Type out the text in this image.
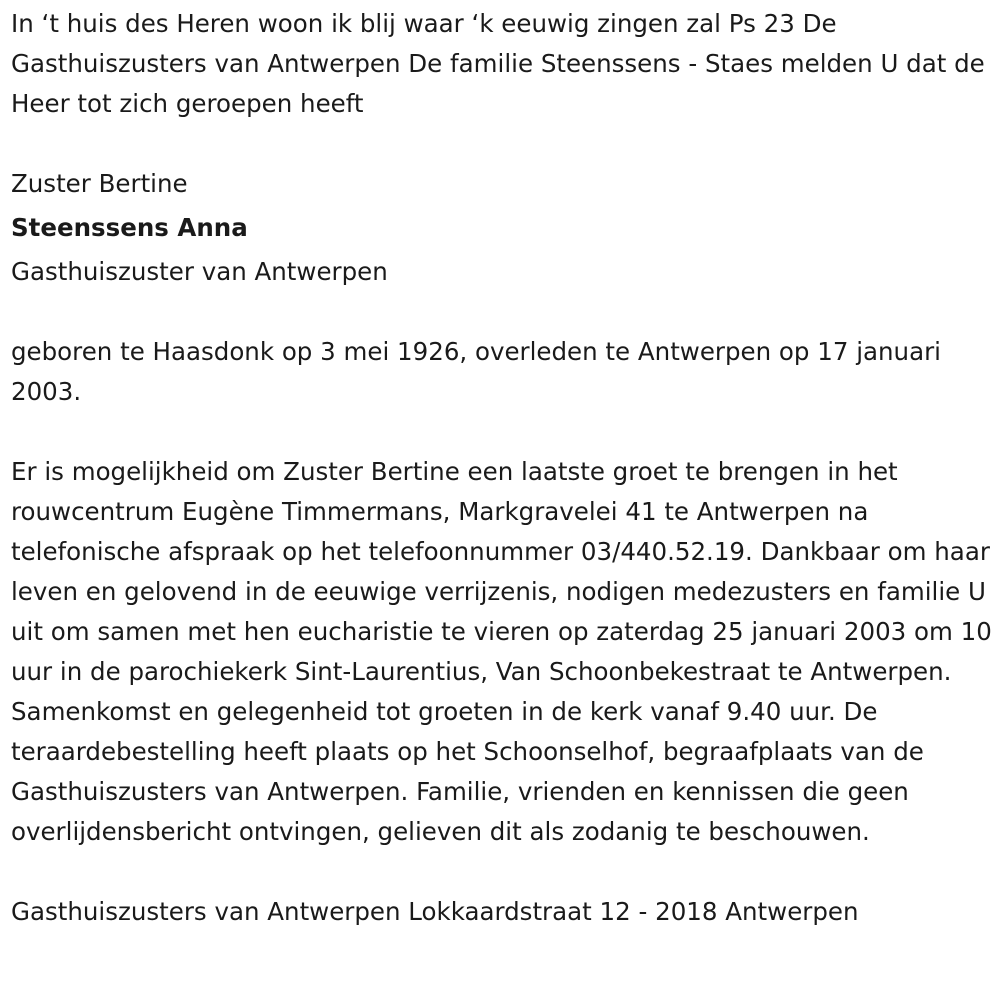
In ‘t huis des Heren woon ik blij waar ‘k eeuwig zingen zal Ps 23 De Gasthuiszusters van Antwerpen De familie Steenssens - Staes melden U dat de Heer tot zich geroepen heeft

Zuster Bertine

Steenssens Anna

Gasthuiszuster van Antwerpen

geboren te Haasdonk op 3 mei 1926, overleden te Antwerpen op 17 januari 2003.

Er is mogelijkheid om Zuster Bertine een laatste groet te brengen in het rouwcentrum Eugène Timmermans, Markgravelei 41 te Antwerpen na telefonische afspraak op het telefoonnummer 03/440.52.19. Dankbaar om haar leven en gelovend in de eeuwige verrijzenis, nodigen medezusters en familie U uit om samen met hen eucharistie te vieren op zaterdag 25 januari 2003 om 10 uur in de parochiekerk Sint-Laurentius, Van Schoonbekestraat te Antwerpen. Samenkomst en gelegenheid tot groeten in de kerk vanaf 9.40 uur. De teraardebestelling heeft plaats op het Schoonselhof, begraafplaats van de Gasthuiszusters van Antwerpen. Familie, vrienden en kennissen die geen overlijdensbericht ontvingen, gelieven dit als zodanig te beschouwen.

Gasthuiszusters van Antwerpen Lokkaardstraat 12 - 2018 Antwerpen
